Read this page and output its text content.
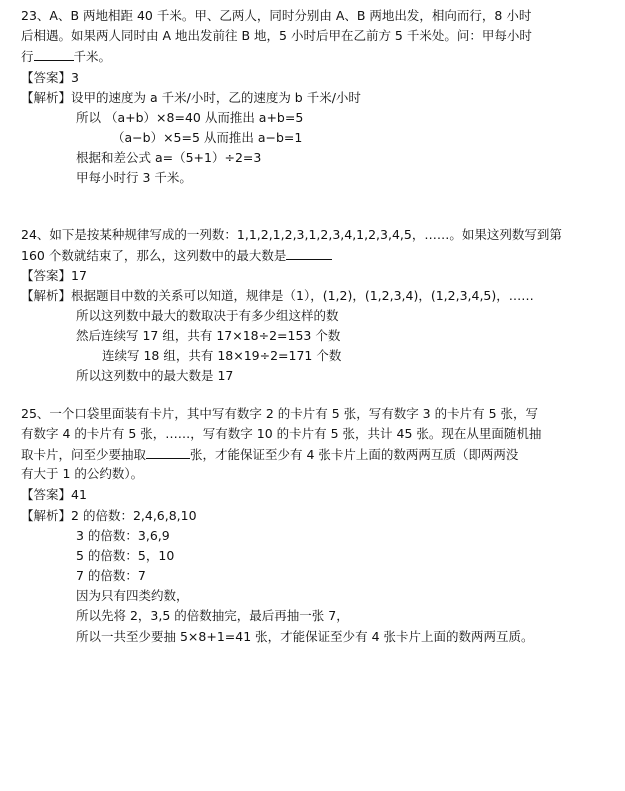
23、A、B 两地相距 40 千米。甲、乙两人，同时分别由 A、B 两地出发，相向而行，8 小时
后相遇。如果两人同时由 A 地出发前往 B 地，5 小时后甲在乙前方 5 千米处。问：甲每小时
行	千米。
【答案】3
【解析】设甲的速度为 a 千米/小时，乙的速度为 b 千米/小时
所以 （a+b）×8=40 从而推出 a+b=5
（a−b）×5=5 从而推出 a−b=1
根据和差公式 a=（5+1）÷2=3
甲每小时行 3 千米。
24、如下是按某种规律写成的一列数：1,1,2,1,2,3,1,2,3,4,1,2,3,4,5，……。如果这列数写到第
160 个数就结束了，那么，这列数中的最大数是
【答案】17
【解析】根据题目中数的关系可以知道，规律是（1），(1,2)，(1,2,3,4)，(1,2,3,4,5)，……
所以这列数中最大的数取决于有多少组这样的数
然后连续写 17 组，共有 17×18÷2=153 个数
连续写 18 组，共有 18×19÷2=171 个数
所以这列数中的最大数是 17
25、一个口袋里面装有卡片，其中写有数字 2 的卡片有 5 张，写有数字 3 的卡片有 5 张，写
有数字 4 的卡片有 5 张，……，写有数字 10 的卡片有 5 张，共计 45 张。现在从里面随机抽
取卡片，问至少要抽取	张，才能保证至少有 4 张卡片上面的数两两互质（即两两没
有大于 1 的公约数）。
【答案】41
【解析】2 的倍数：2,4,6,8,10
3 的倍数：3,6,9
5 的倍数：5，10
7 的倍数：7
因为只有四类约数，
所以先将 2，3,5 的倍数抽完，最后再抽一张 7，
所以一共至少要抽 5×8+1=41 张，才能保证至少有 4 张卡片上面的数两两互质。
